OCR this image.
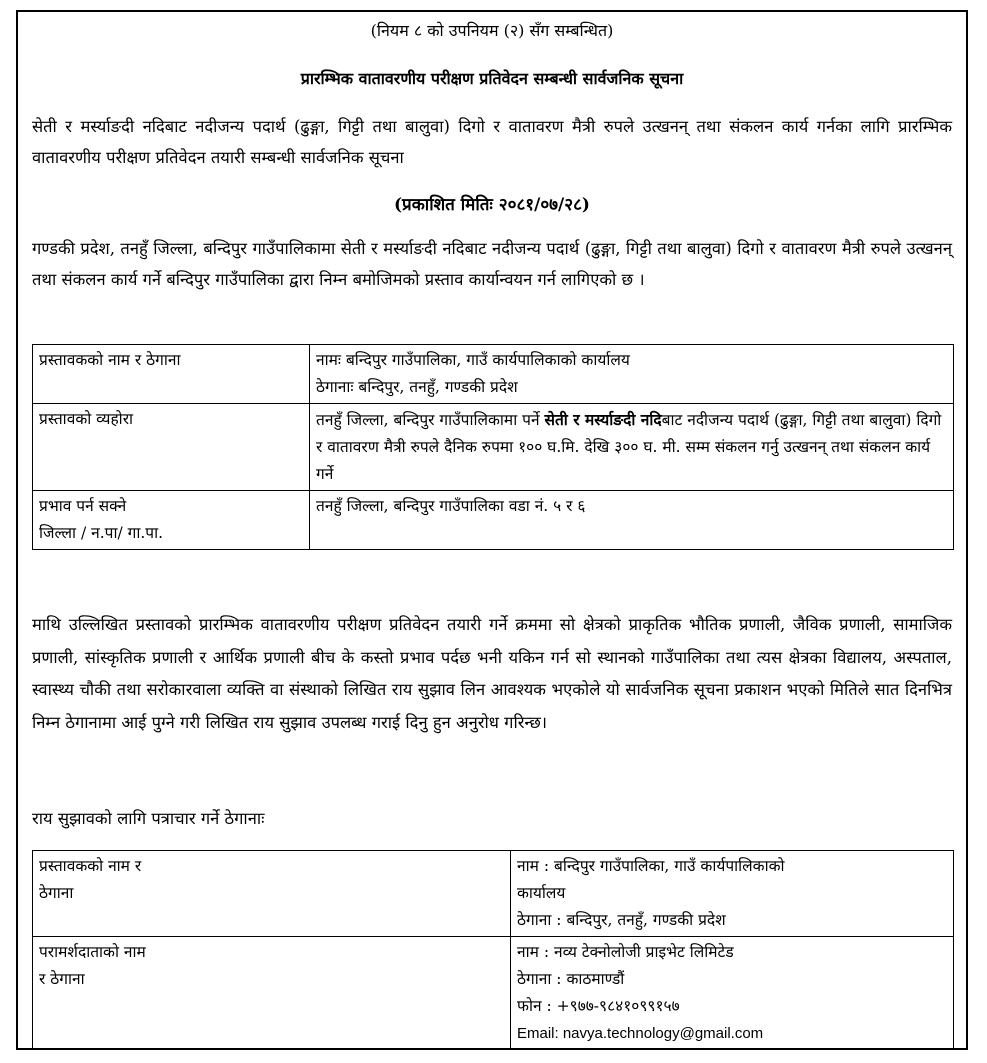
(नियम ८ को उपनियम (२) सँग सम्बन्धित)
प्रारम्भिक वातावरणीय परीक्षण प्रतिवेदन सम्बन्धी सार्वजनिक सूचना
सेती र मर्स्याङदी नदिबाट नदीजन्य पदार्थ (ढुङ्गा, गिट्टी तथा बालुवा) दिगो र वातावरण मैत्री रुपले उत्खनन् तथा संकलन कार्य गर्नका लागि प्रारम्भिक वातावरणीय परीक्षण प्रतिवेदन तयारी सम्बन्धी सार्वजनिक सूचना
(प्रकाशित मितिः २०८१/०७/२८)
गण्डकी प्रदेश, तनहुँ जिल्ला, बन्दिपुर गाउँपालिकामा सेती र मर्स्याङदी नदिबाट नदीजन्य पदार्थ (ढुङ्गा, गिट्टी तथा बालुवा) दिगो र वातावरण मैत्री रुपले उत्खनन् तथा संकलन कार्य गर्ने बन्दिपुर गाउँपालिका द्वारा निम्न बमोजिमको प्रस्ताव कार्यान्वयन गर्न लागिएको छ ।
प्रस्तावकको नाम र ठेगाना	नामः बन्दिपुर गाउँपालिका, गाउँ कार्यपालिकाको कार्यालय
ठेगानाः बन्दिपुर, तनहुँ, गण्डकी प्रदेश

प्रस्तावको व्यहोरा	तनहुँ जिल्ला, बन्दिपुर गाउँपालिकामा पर्ने सेती र मर्स्याङदी नदिबाट नदीजन्य पदार्थ (ढुङ्गा, गिट्टी तथा बालुवा) दिगो र वातावरण मैत्री रुपले दैनिक रुपमा १०० घ.मि. देखि ३०० घ. मी. सम्म संकलन गर्नु उत्खनन् तथा संकलन कार्य गर्ने

प्रभाव पर्न सक्ने
जिल्ला / न.पा/ गा.पा.	तनहुँ जिल्ला, बन्दिपुर गाउँपालिका वडा नं. ५ र ६
माथि उल्लिखित प्रस्तावको प्रारम्भिक वातावरणीय परीक्षण प्रतिवेदन तयारी गर्ने क्रममा सो क्षेत्रको प्राकृतिक भौतिक प्रणाली, जैविक प्रणाली, सामाजिक प्रणाली, सांस्कृतिक प्रणाली र आर्थिक प्रणाली बीच के कस्तो प्रभाव पर्दछ भनी यकिन गर्न सो स्थानको गाउँपालिका तथा त्यस क्षेत्रका विद्यालय, अस्पताल, स्वास्थ्य चौकी तथा सरोकारवाला व्यक्ति वा संस्थाको लिखित राय सुझाव लिन आवश्यक भएकोले यो सार्वजनिक सूचना प्रकाशन भएको मितिले सात दिनभित्र निम्न ठेगानामा आई पुग्ने गरी लिखित राय सुझाव उपलब्ध गराई दिनु हुन अनुरोध गरिन्छ।
राय सुझावको लागि पत्राचार गर्ने ठेगानाः
प्रस्तावकको नाम र
ठेगाना	नाम : बन्दिपुर गाउँपालिका, गाउँ कार्यपालिकाको
कार्यालय
ठेगाना : बन्दिपुर, तनहुँ, गण्डकी प्रदेश

परामर्शदाताको नाम
र ठेगाना	नाम : नव्य टेक्नोलोजी प्राइभेट लिमिटेड
ठेगाना : काठमाण्डौं
फोन : +९७७-९८४१०९९१५७
Email: navya.technology@gmail.com
